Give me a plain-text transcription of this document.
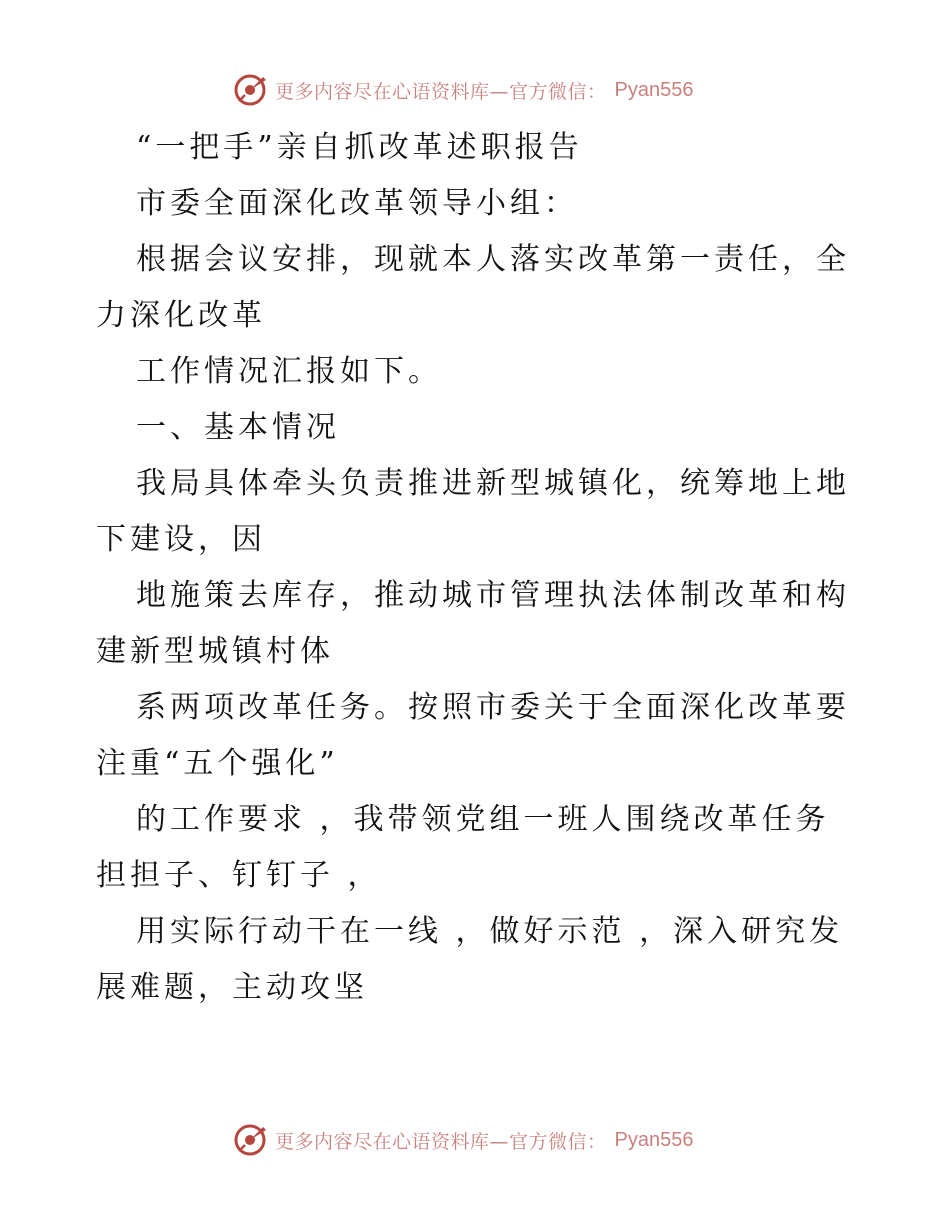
更多内容尽在心语资料库—官方微信： Pyan556
“一把手”亲自抓改革述职报告
市委全面深化改革领导小组：
根据会议安排，现就本人落实改革第一责任，全
力深化改革
工作情况汇报如下。
一、基本情况
我局具体牵头负责推进新型城镇化，统筹地上地
下建设，因
地施策去库存，推动城市管理执法体制改革和构
建新型城镇村体
系两项改革任务。按照市委关于全面深化改革要
注重“五个强化”
的工作要求 ，我带领党组一班人围绕改革任务
担担子、钉钉子 ，
用实际行动干在一线 ，做好示范 ，深入研究发
展难题，主动攻坚
更多内容尽在心语资料库—官方微信： Pyan556
